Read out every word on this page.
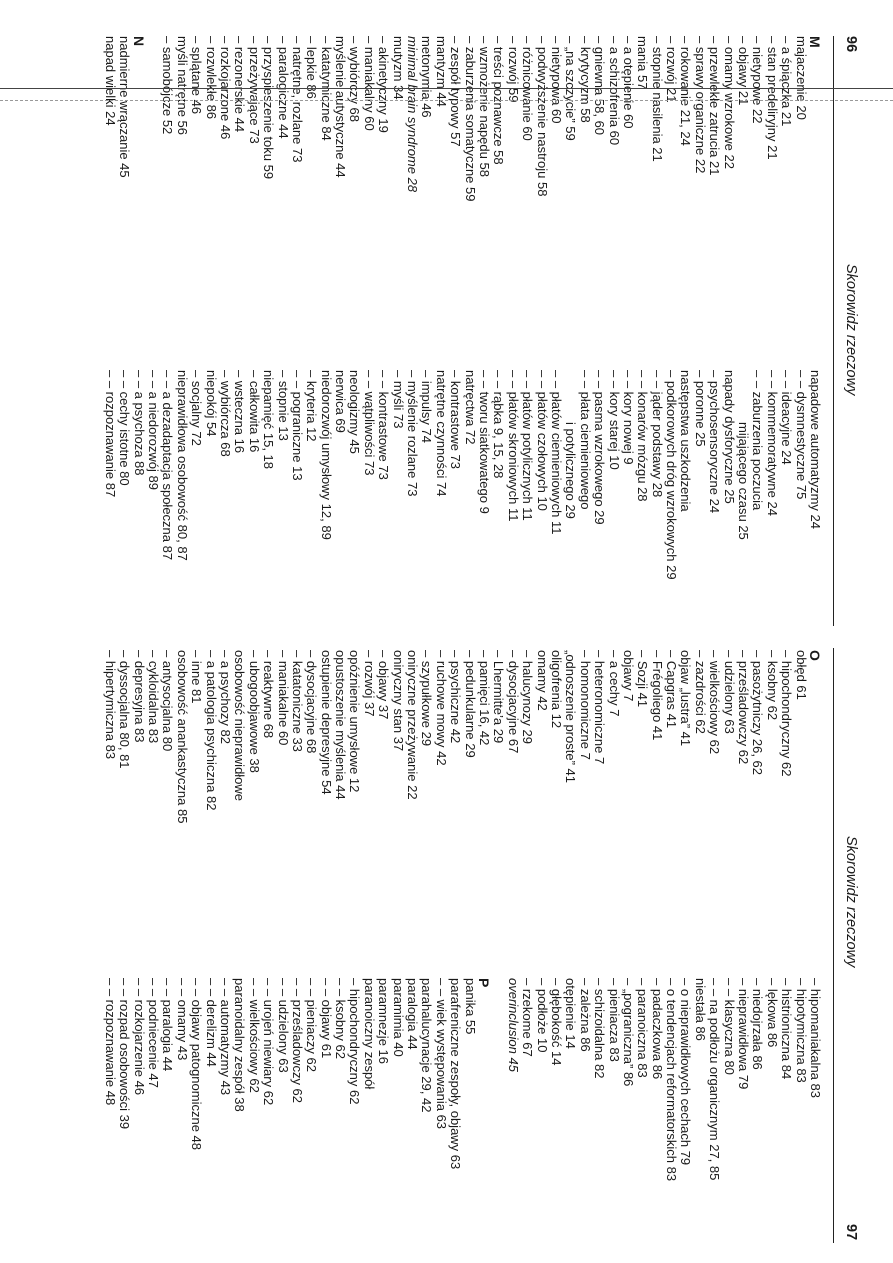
96
Skorowidz rzeczowy
M
majaczenie 20
– a śpiączka 21
– stan predeliryjny 21
– nietypowe 22
– objawy 21
– omamy wzrokowe 22
– przewlekłe zatrucia 21
– sprawy organiczne 22
– rokowanie 21, 24
– rozwój 21
– stopnie nasilenia 21
mania 57
– a otępienie 60
– a schizofrenia 60
– gniewna 58, 60
– krytycyzm 58
– „na szczycie” 59
– nietypowa 60
– podwyższenie nastroju 58
– różnicowanie 60
– rozwój 59
– treści poznawcze 58
– wzmożenie napędu 58
– zaburzenia somatyczne 59
– zespół typowy 57
mantyzm 44
metonymia 46
minimal brain syndrome 28
mutyzm 34
– akinetyczny 19
– maniakalny 60
– wybiórczy 68
myślenie autystyczne 44
– katatymiczne 84
– lepkie 86
– natrętne, rozlane 73
– paralogiczne 44
– przyspieszenie toku 59
– przeżywające 73
– rezonerskie 44
– rozkojarzone 46
– rozwlekłe 86
– splątane 46
myśli natrętne 56
– samobójcze 52
N
nadmierne wrączanie 45
napad wielki 24
napadowe automatyzmy 24
– – dysmnestyczne 75
– – ideacyjne 24
– – kommemoratywne 24
– – zaburzenia poczucia
mijającego czasu 25
napady dysforyczne 25
– psychosensoryczne 24
– poronne 25
następstwa uszkodzenia
– podkorowych dróg wzrokowych 29
– – jąder podstawy 28
– – konarów mózgu 28
– – kory nowej 9
– – kory starej 10
– – pasma wzrokowego 29
– – płata ciemieniowego
i potylicznego 29
– – płatów ciemieniowych 11
– – płatów czołowych 10
– – płatów potylicznych 11
– – płatów skroniowych 11
– – rąbka 9, 15, 28
– – tworu siatkowatego 9
natręctwa 72
– kontrastowe 73
natrętne czynności 74
– impulsy 74
– myślenie rozlane 73
– myśli 73
– – kontrastowe 73
– – wątpliwości 73
neologizmy 45
nerwica 69
niedorozwój umysłowy 12, 89
– kryteria 12
– – pograniczne 13
– stopnie 13
niepamięć 15, 18
– całkowita 16
– wsteczna 16
– wybiórcza 68
niepokój 54
– socjalny 72
nieprawidłowa osobowość 80, 87
– – a dezadaptacja społeczna 87
– – a niedorozwój 89
– – a psychoza 88
– – cechy istotne 80
– – rozpoznawanie 87
Skorowidz rzeczowy
97
O
obłęd 61
– hipochondryczny 62
– ksobny 62
– pasożytniczy 26, 62
– prześladowczy 62
– udzielony 63
– wielkościowy 62
– zazdrości 62
objaw „lustra” 41
– Capgras 41
– Frégoliego 41
– Sozji 41
objawy 7
– a cechy 7
– heteronomiczne 7
– homonomiczne 7
„odnoszenie proste” 41
oligofrenia 12
omamy 42
– halucynozy 29
– dysocjacyjne 67
– Lhermitte’a 29
– pamięci 16, 42
– pedunkularne 29
– psychiczne 42
– ruchowe mowy 42
– szypułkowe 29
oniryczne przeżywanie 22
oniryczny stan 37
– objawy 37
– rozwój 37
opóźnienie umysłowe 12
opustoszenie myślenia 44
ostupienie depresyjne 54
– dysocjacyjne 68
– katatoniczne 33
– maniakalne 60
– reaktywne 68
– ubogoobjawowe 38
osobowość nieprawidłowe
– a psychozy 82
– a patologia psychiczna 82
– inne 81
osobowość anankastyczna 85
– antysocjalna 80
– cykloidalna 83
– depresyjna 83
– dyssocjalna 80, 81
– hipertymiczna 83
– hipomaniakalna 83
– hipotymiczna 83
– histrioniczna 84
– lękowa 86
– niedojrzała 86
– nieprawidłowa 79
– – klasyczna 80
– – na podłożu organicznym 27, 85
niestała 86
– o nieprawidłowych cechach 79
– o tendencjach reformatorskich 83
– padaczkowa 86
– paranoiczna 83
– „pograniczna” 86
– pieniacza 83
– schizoidalna 82
– zależna 86
otępienie 14
– głębokość 14
– podłoże 10
– rzekome 67
overinclusion 45
P
panika 55
parafreniczne zespoły, objawy 63
– – wiek występowania 63
parahalucynacje 29, 42
paralogia 44
paramimia 40
paramnezje 16
paranoiczny zespół
– hipochondryczny 62
– – ksobny 62
– – objawy 61
– – pieniaczy 62
– – prześladowczy 62
– – udzielony 63
– – urojeń niewiary 62
– – wielkościowy 62
paranoidalny zespół 38
– – automatyzmy 43
– – derelizm 44
– – objawy patognomiczne 48
– – omamy 43
– – paralogia 44
– – podniecenie 47
– – rozkojarzenie 46
– – rozpad osobowości 39
– – rozpoznawanie 48
